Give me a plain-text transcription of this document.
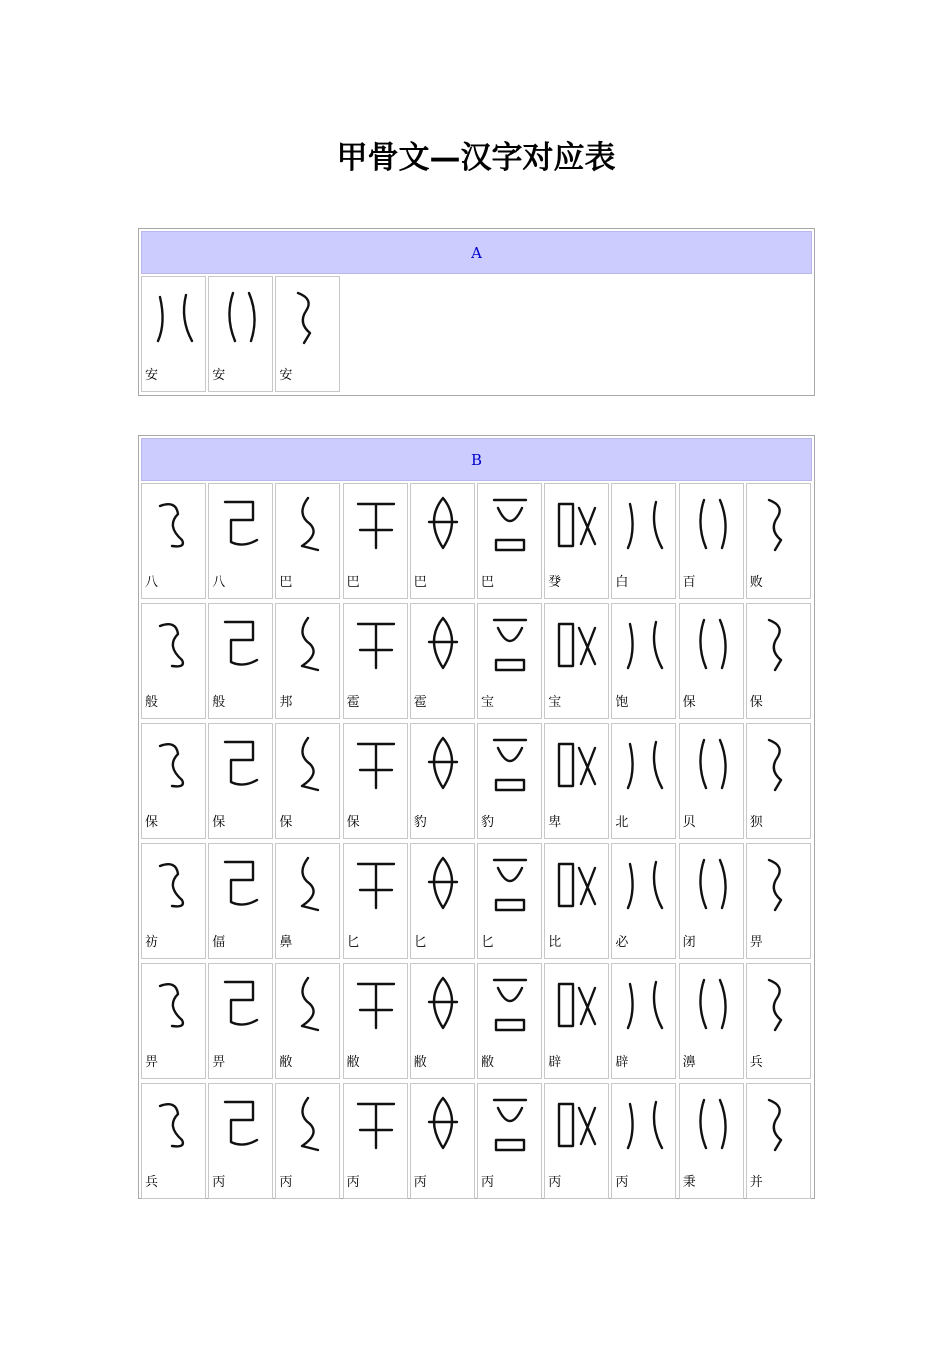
甲骨文—汉字对应表
A
安	安	安
B
八	八	巴	巴	巴	巴	癹	白	百	败
般	般	邦	雹	雹	宝	宝	饱	保	保
保	保	保	保	豹	豹	卑	北	贝	狈
祊	偪	鼻	匕	匕	匕	比	必	闭	畀
畀	畀	敝	敝	敝	敝	辟	辟	濞	兵
兵	丙	丙	丙	丙	丙	丙	丙	秉	并
